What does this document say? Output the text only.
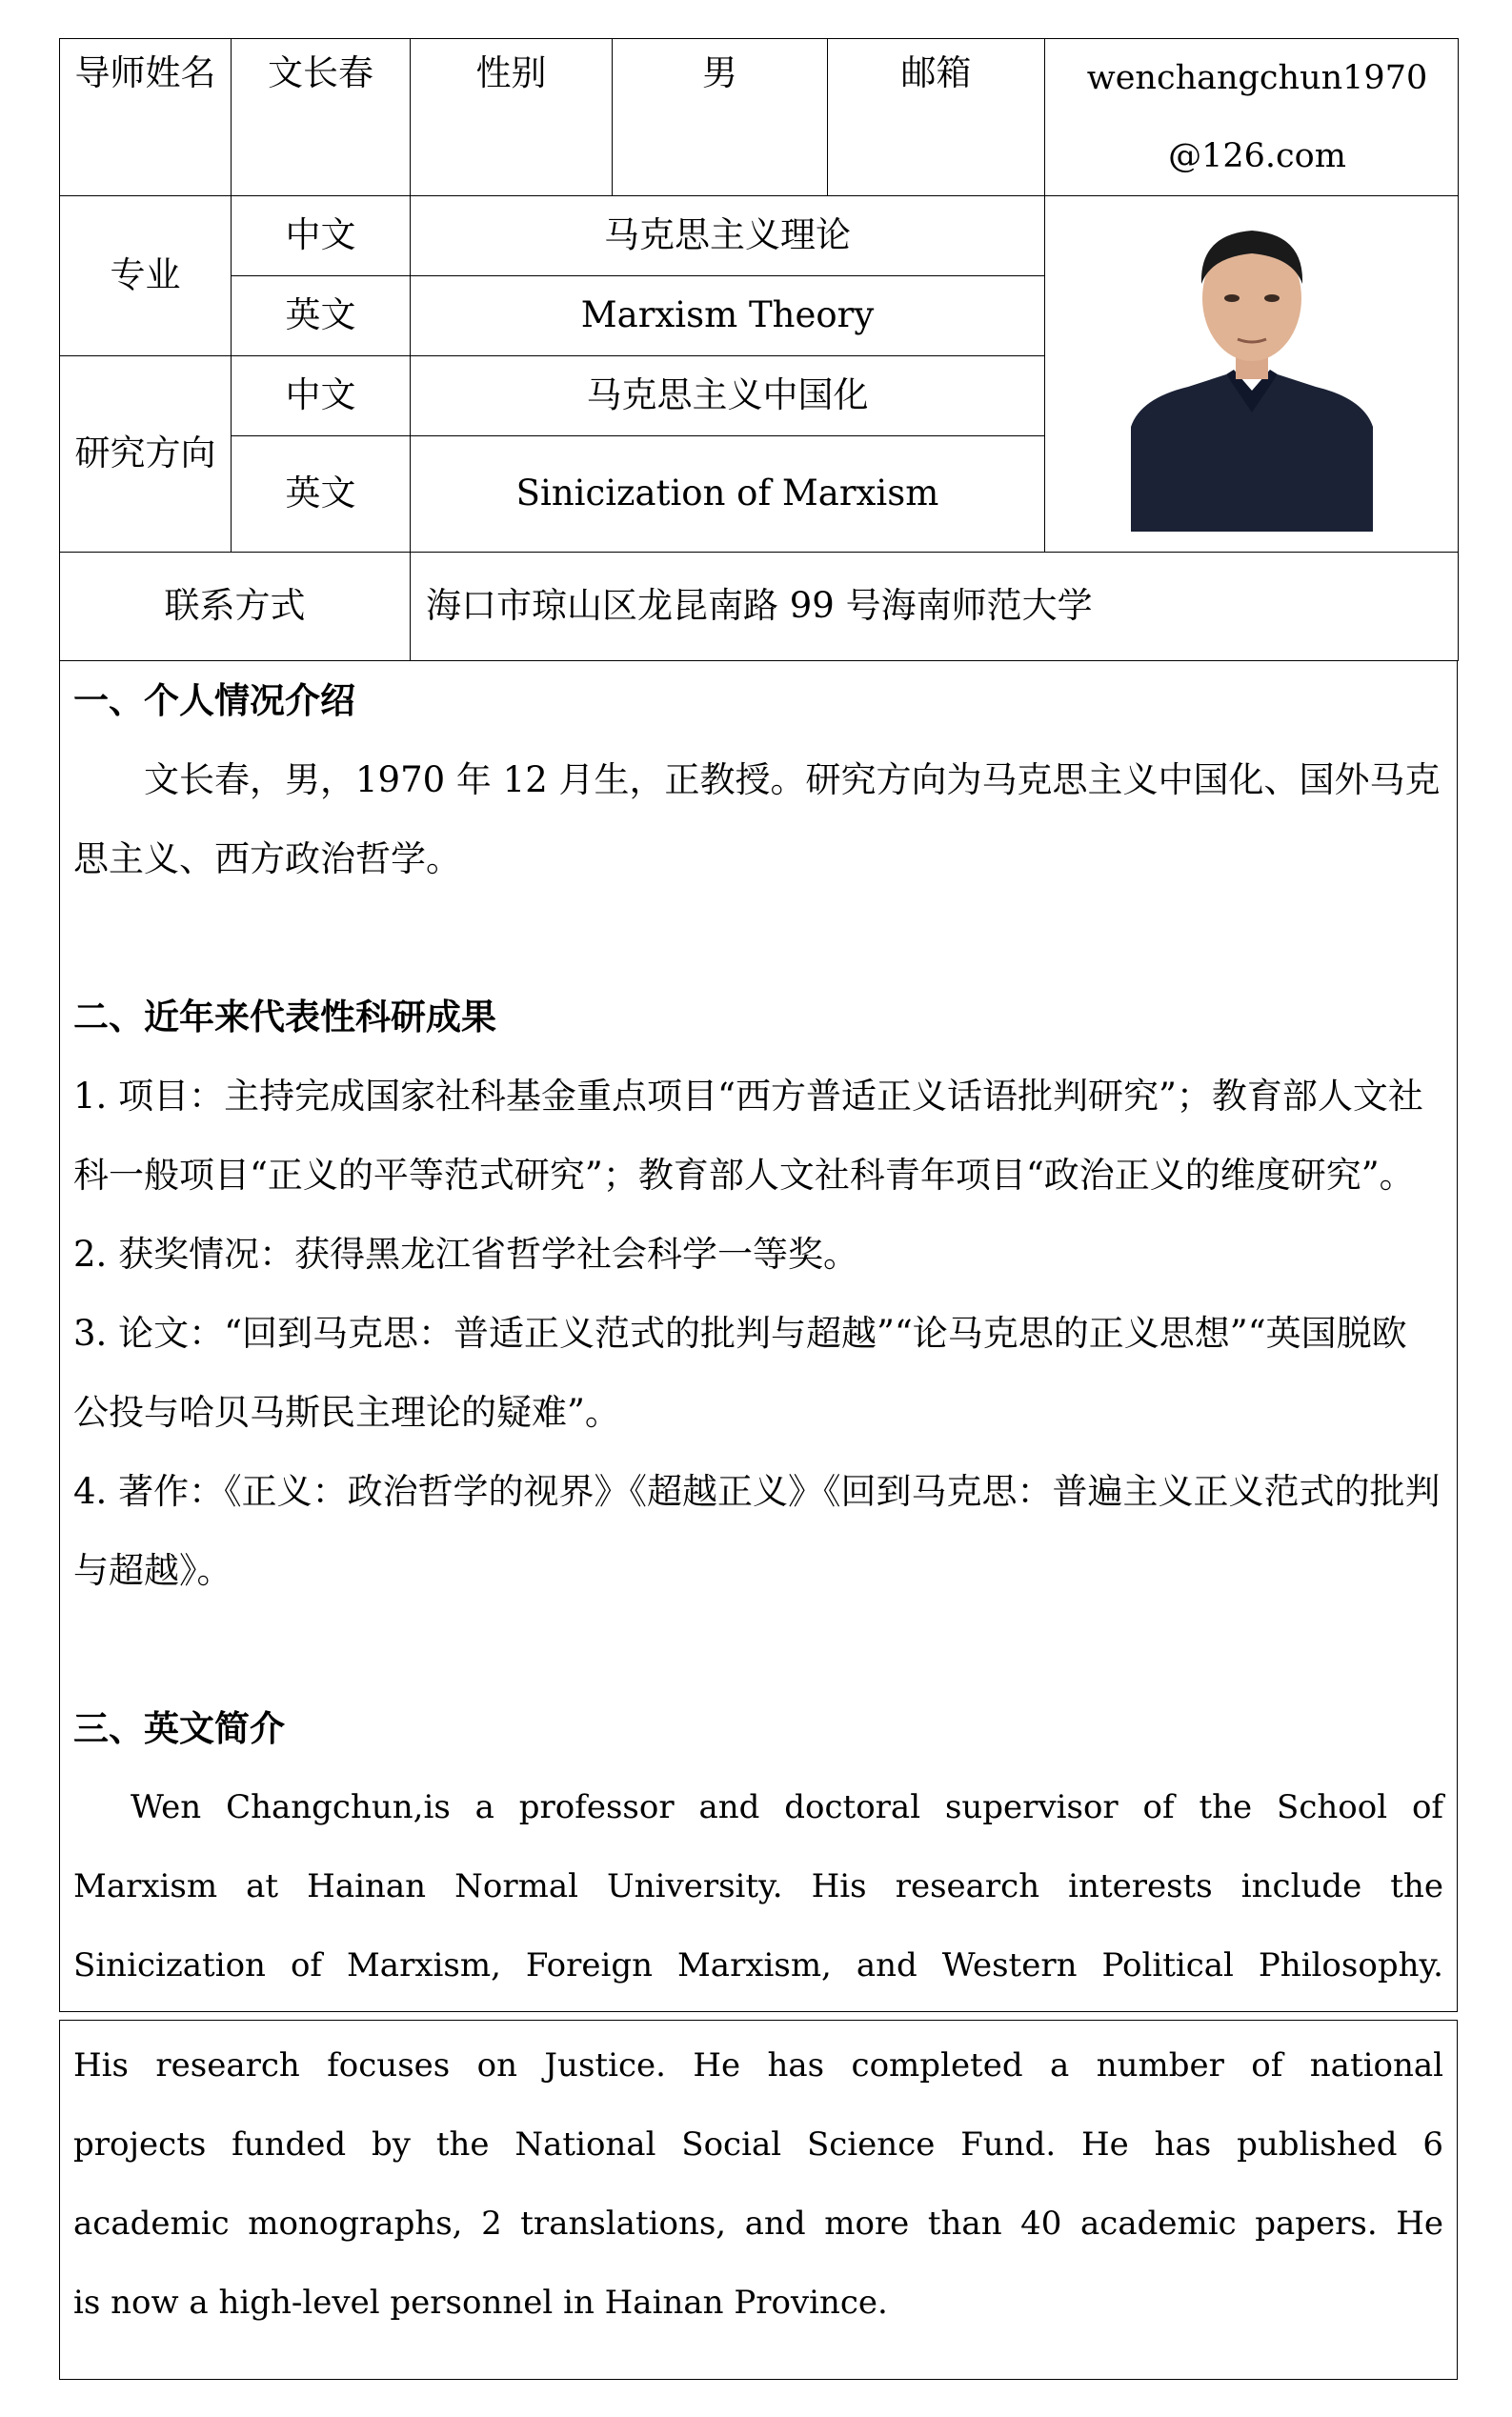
导师姓名	文长春	性别	男	邮箱	wenchangchun1970
@126.com

专业	中文	马克思主义理论	

	英文	Marxism Theory			
研究方向	中文	马克思主义中国化			
	英文	Sinicization of Marxism			
联系方式		海口市琼山区龙昆南路 99 号海南师范大学			
一、个人情况介绍

文长春，男，1970 年 12 月生，正教授。研究方向为马克思主义中国化、国外马克

思主义、西方政治哲学。

二、近年来代表性科研成果

1. 项目：主持完成国家社科基金重点项目“西方普适正义话语批判研究”；教育部人文社

科一般项目“正义的平等范式研究”；教育部人文社科青年项目“政治正义的维度研究”。

2. 获奖情况：获得黑龙江省哲学社会科学一等奖。

3. 论文：“回到马克思：普适正义范式的批判与超越”“论马克思的正义思想”“英国脱欧

公投与哈贝马斯民主理论的疑难”。

4. 著作：《正义：政治哲学的视界》《超越正义》《回到马克思：普遍主义正义范式的批判

与超越》。

三、英文简介

Wen Changchun,is a professor and doctoral supervisor of the School of

Marxism at Hainan Normal University. His research interests include the

Sinicization of Marxism, Foreign Marxism, and Western Political Philosophy.

His research focuses on Justice. He has completed a number of national

projects funded by the National Social Science Fund. He has published 6

academic monographs, 2 translations, and more than 40 academic papers. He

is now a high-level personnel in Hainan Province.
